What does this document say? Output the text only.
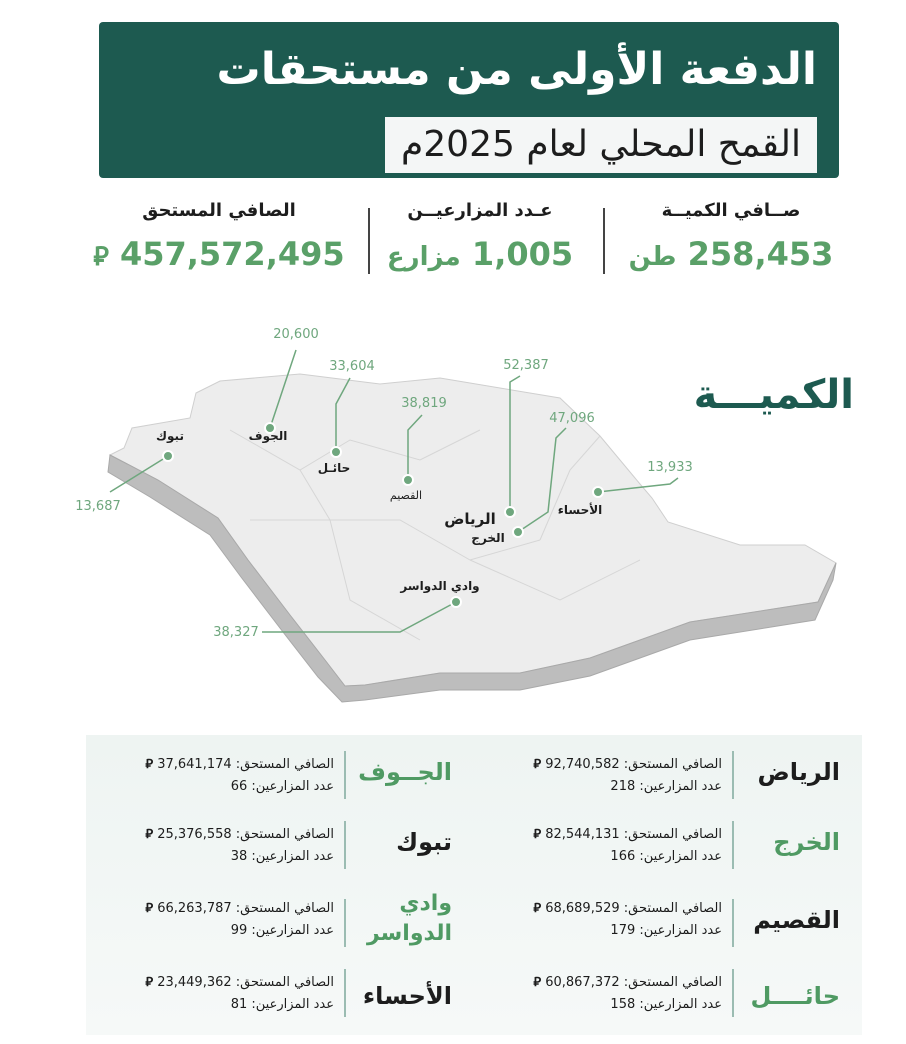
الدفعة الأولى من مستحقات
القمح المحلي لعام 2025م
صــافي الكميــة
258,453 طن
عـدد المزارعيــن
1,005 مزارع
الصافي المستحق
457,572,495 ⃁
الكميـــة
20,600
33,604
38,819
52,387
47,096
13,933
13,687
38,327
الجوف
حائـل
القصيم
الرياض
الخرج
الأحساء
تبوك
وادي الدواسر
الرياض
الصافي المستحق: 92,740,582 ⃁
عدد المزارعين: 218
الخرج
الصافي المستحق: 82,544,131 ⃁
عدد المزارعين: 166
القصيم
الصافي المستحق: 68,689,529 ⃁
عدد المزارعين: 179
حائــــل
الصافي المستحق: 60,867,372 ⃁
عدد المزارعين: 158
الجــوف
الصافي المستحق: 37,641,174 ⃁
عدد المزارعين: 66
تبوك
الصافي المستحق: 25,376,558 ⃁
عدد المزارعين: 38
وادي الدواسر
الصافي المستحق: 66,263,787 ⃁
عدد المزارعين: 99
الأحساء
الصافي المستحق: 23,449,362 ⃁
عدد المزارعين: 81
